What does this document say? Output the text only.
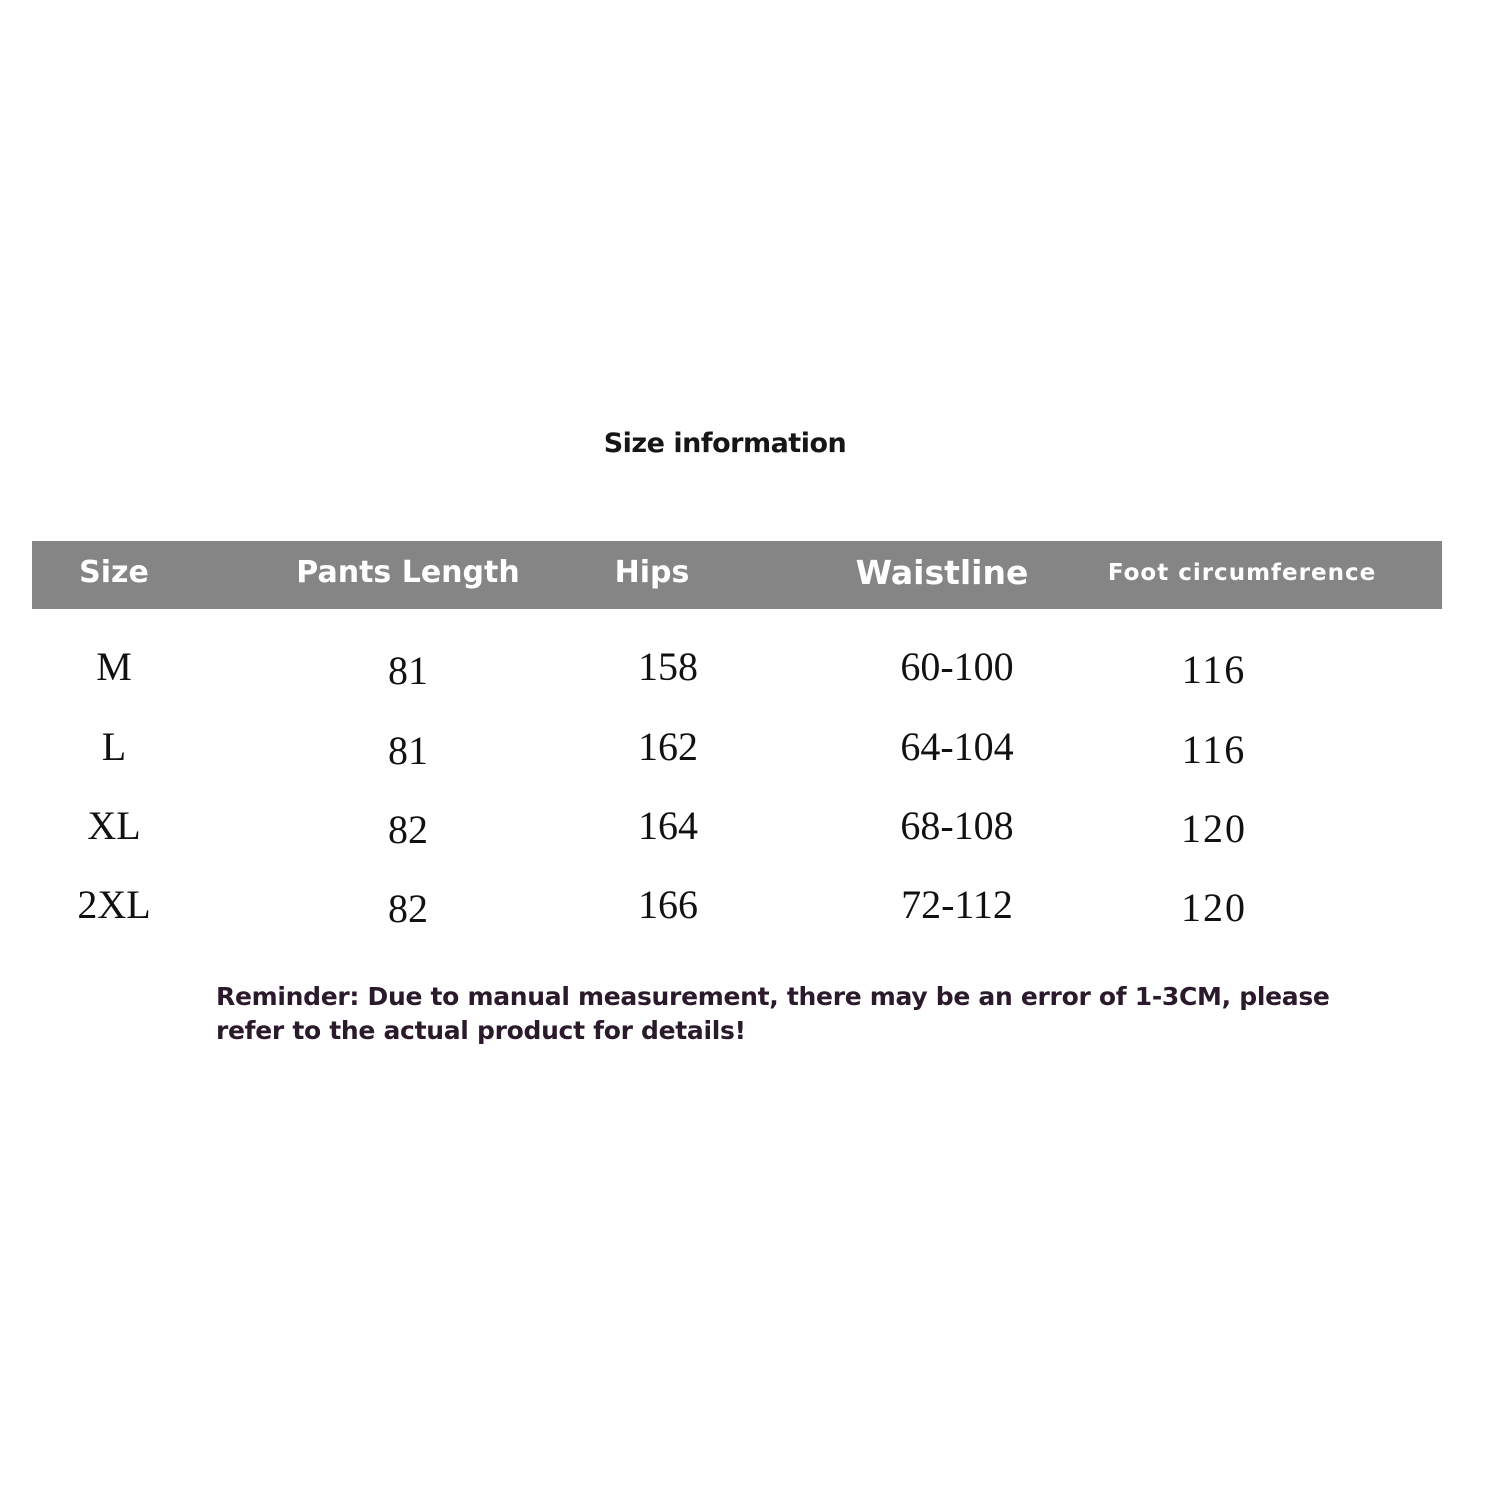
Size information
Size	Pants Length	Hips	Waistline	Foot circumference
M	81	158	60-100	116
L	81	162	64-104	116
XL	82	164	68-108	120
2XL	82	166	72-112	120
Reminder: Due to manual measurement, there may be an error of 1-3CM, please refer to the actual product for details!
